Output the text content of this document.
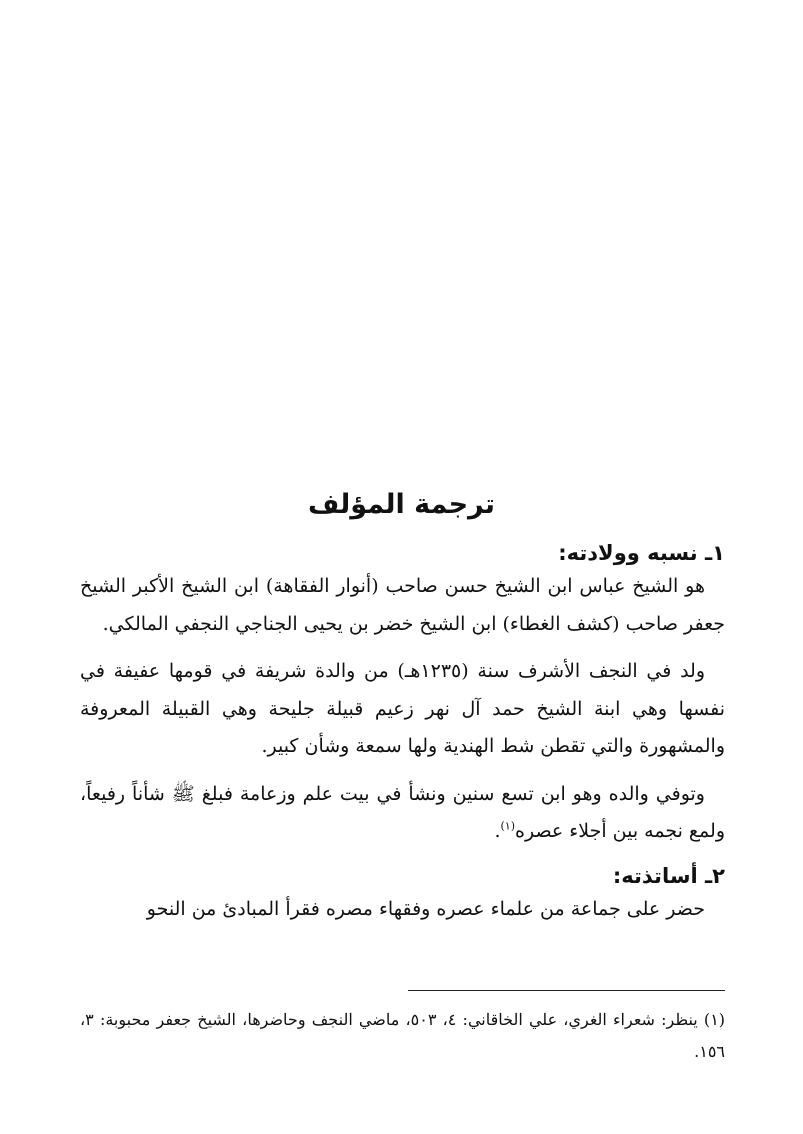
ترجمة المؤلف
١ـ نسبه وولادته:

هو الشيخ عباس ابن الشيخ حسن صاحب (أنوار الفقاهة) ابن الشيخ الأكبر الشيخ جعفر صاحب (كشف الغطاء) ابن الشيخ خضر بن يحيى الجناجي النجفي المالكي.

ولد في النجف الأشرف سنة (١٢٣٥هـ) من والدة شريفة في قومها عفيفة في نفسها وهي ابنة الشيخ حمد آل نهر زعيم قبيلة جليحة وهي القبيلة المعروفة والمشهورة والتي تقطن شط الهندية ولها سمعة وشأن كبير.

وتوفي والده وهو ابن تسع سنين ونشأ في بيت علم وزعامة فبلغ ﷺ شأناً رفيعاً، ولمع نجمه بين أجلاء عصره$^{(١)}$.

٢ـ أساتذته:

حضر على جماعة من علماء عصره وفقهاء مصره فقرأ المبادئ من النحو

(١) ينظر: شعراء الغري، علي الخاقاني: ٤، ٥٠٣، ماضي النجف وحاضرها، الشيخ جعفر محبوبة: ٣، ١٥٦.
